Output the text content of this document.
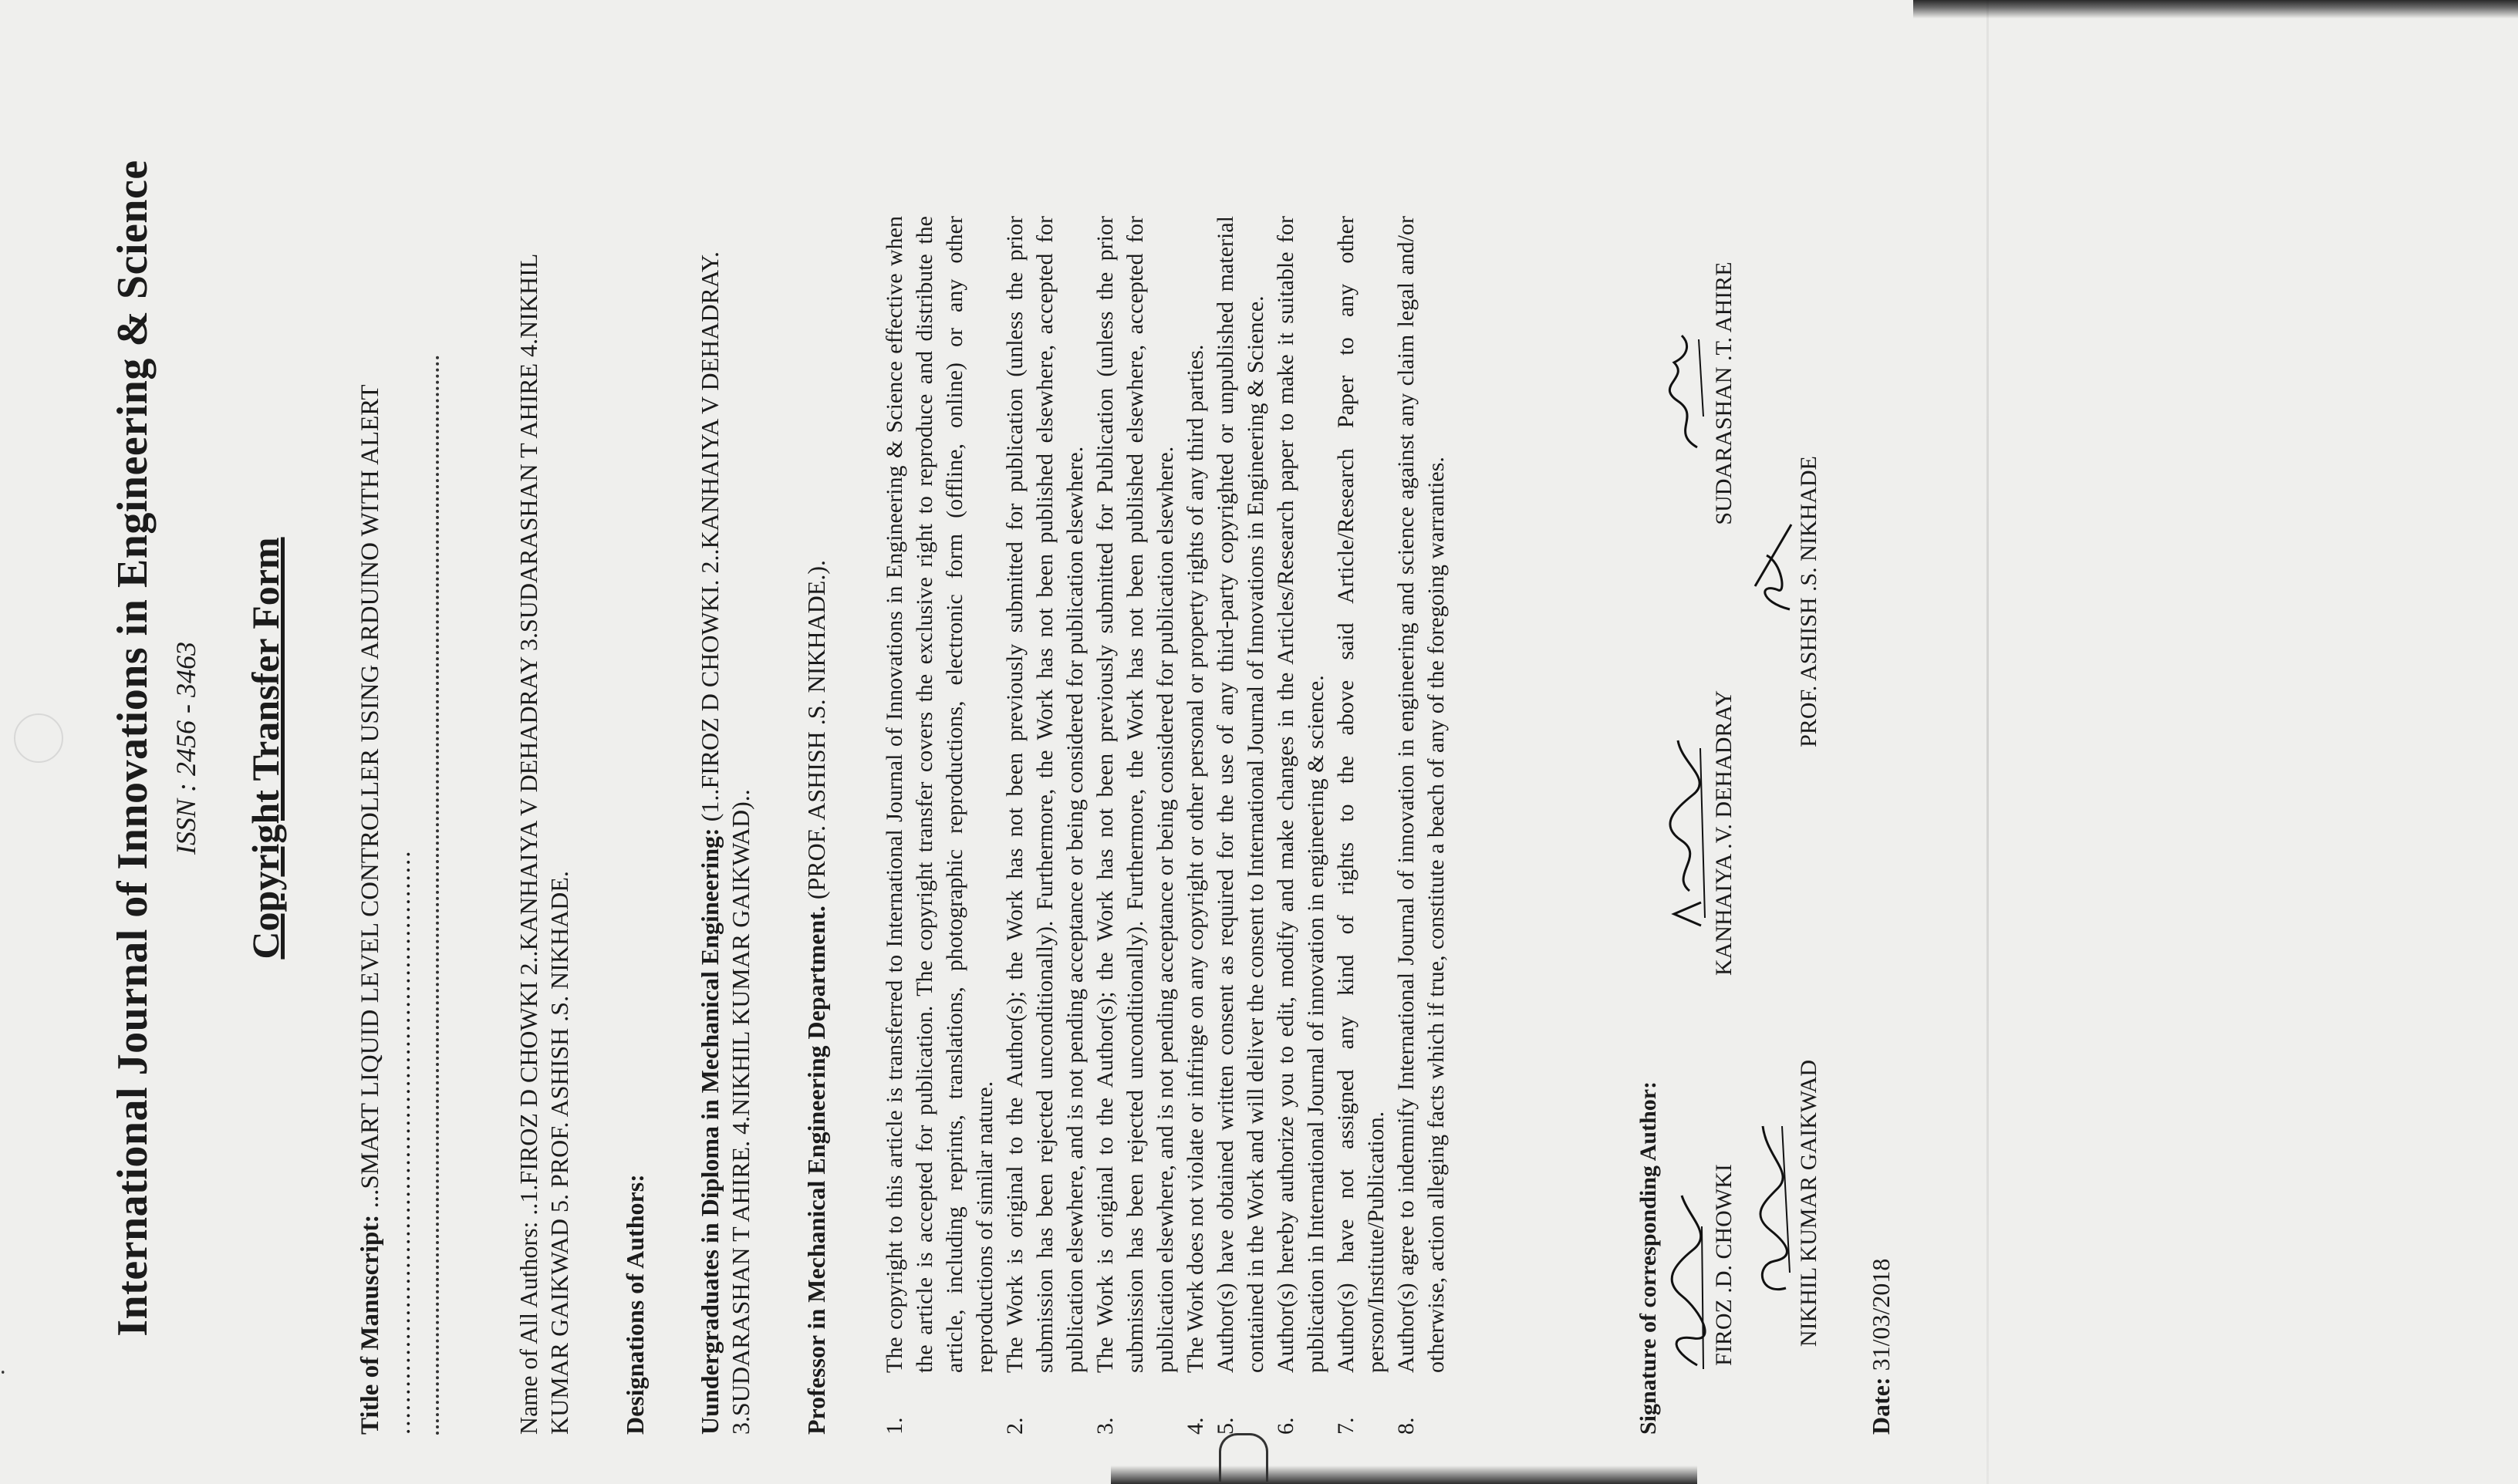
⸱
International Journal of Innovations in Engineering & Science ISSN : 2456 - 3463 Copyright Transfer Form
Title of Manuscript: ...SMART LIQUID LEVEL CONTROLLER USING ARDUINO WITH ALERT ..........................................................................	Name of All Authors: ..1.FIROZ D CHOWKI 2..KANHAIYA V DEHADRAY 3.SUDARASHAN T AHIRE 4.NIKHIL KUMAR GAIKWAD 5. PROF. ASHISH .S. NIKHADE. Designations of Authors: Uundergraduates in Diploma in Mechanical Engineering: (1..FIROZ D CHOWKI. 2..KANHAIYA V DEHADRAY. 3.SUDARASHAN T AHIRE. 4.NIKHIL KUMAR GAIKWAD).. Professor in Mechanical Engineering Department. (PROF. ASHISH .S. NIKHADE.).
1.
The copyright to this article is transferred to International Journal of Innovations in Engineering & Science effective when the article is accepted for publication. The copyright transfer covers the exclusive right to reproduce and distribute the article, including reprints, translations, photographic reproductions, electronic form (offline, online) or any other reproductions of similar nature.
2.
The Work is original to the Author(s); the Work has not been previously submitted for publication (unless the prior submission has been rejected unconditionally). Furthermore, the Work has not been published elsewhere, accepted for publication elsewhere, and is not pending acceptance or being considered for publication elsewhere.
3.
The Work is original to the Author(s); the Work has not been previously submitted for Publication (unless the prior submission has been rejected unconditionally). Furthermore, the Work has not been published elsewhere, accepted for publication elsewhere, and is not pending acceptance or being considered for publication elsewhere.
4.
The Work does not violate or infringe on any copyright or other personal or property rights of any third parties.
5.
Author(s) have obtained written consent as required for the use of any third-party copyrighted or unpublished material contained in the Work and will deliver the consent to International Journal of Innovations in Engineering & Science.
6.
Author(s) hereby authorize you to edit, modify and make changes in the Articles/Research paper to make it suitable for publication in International Journal of innovation in engineering & science.
7.
Author(s) have not assigned any kind of rights to the above said Article/Research Paper to any other person/Institute/Publication.
8.
Author(s) agree to indemnify International Journal of innovation in engineering and science against any claim legal and/or otherwise, action alleging facts which if true, constitute a beach of any of the foregoing warranties.	Signature of corresponding Author:	FIROZ .D. CHOWKI
KANHAIYA .V. DEHADRAY
SUDARASHAN .T. AHIRE
NIKHIL KUMAR GAIKWAD
PROF. ASHISH .S. NIKHADE
Date: 31/03/2018
